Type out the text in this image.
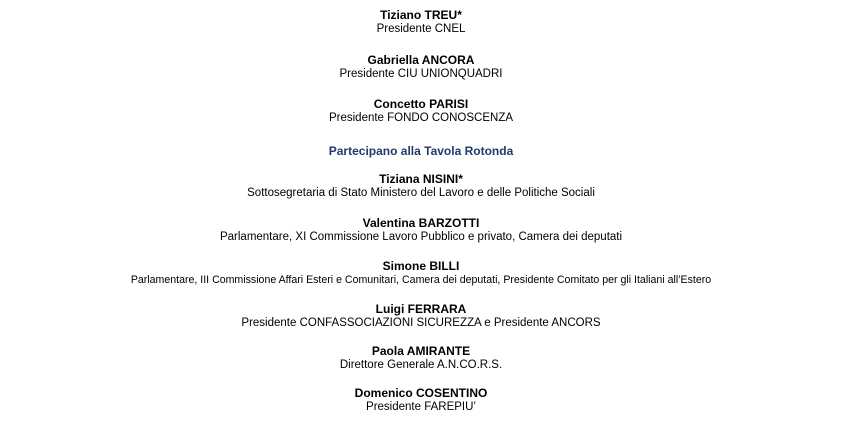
Tiziano TREU*
Presidente CNEL
Gabriella ANCORA
Presidente CIU UNIONQUADRI
Concetto PARISI
Presidente FONDO CONOSCENZA
Partecipano alla Tavola Rotonda
Tiziana NISINI*
Sottosegretaria di Stato Ministero del Lavoro e delle Politiche Sociali
Valentina BARZOTTI
Parlamentare, XI Commissione Lavoro Pubblico e privato, Camera dei deputati
Simone BILLI
Parlamentare, III Commissione Affari Esteri e Comunitari, Camera dei deputati, Presidente Comitato per gli Italiani all’Estero
Luigi FERRARA
Presidente CONFASSOCIAZIONI SICUREZZA e Presidente ANCORS
Paola AMIRANTE
Direttore Generale A.N.CO.R.S.
Domenico COSENTINO
Presidente FAREPIU’
